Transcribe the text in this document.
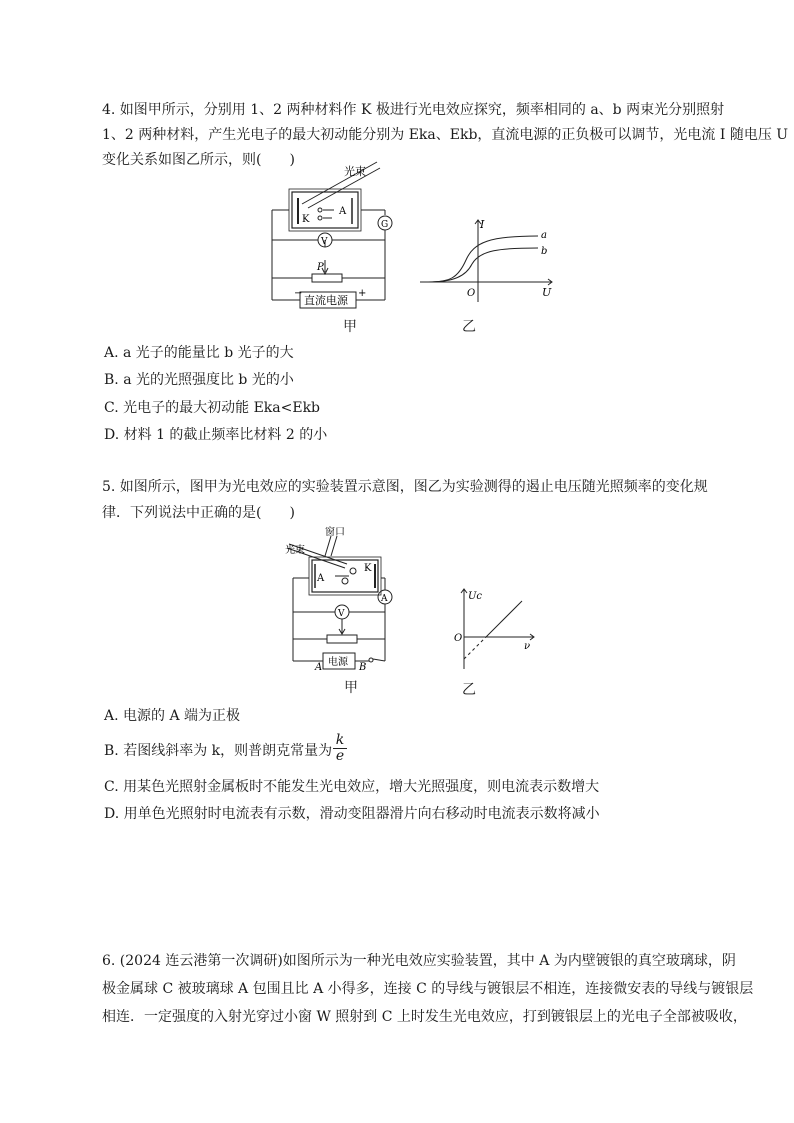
4. 如图甲所示，分别用 1、2 两种材料作 K 极进行光电效应探究，频率相同的 a、b 两束光分别照射
1、2 两种材料，产生光电子的最大初动能分别为 Eka、Ekb，直流电源的正负极可以调节，光电流 I 随电压 U
变化关系如图乙所示，则(　　)
光束
K
A
G
V
P
直流电源
−	+
甲
I
U
O
a
b
乙
A. a 光子的能量比 b 光子的大
B. a 光的光照强度比 b 光的小
C. 光电子的最大初动能 Eka<Ekb
D. 材料 1 的截止频率比材料 2 的小
5. 如图所示，图甲为光电效应的实验装置示意图，图乙为实验测得的遏止电压随光照频率的变化规
律．下列说法中正确的是(　　)
窗口
光束
K
A
A
V
电源
A	B
甲
Uc
O
ν
乙
A. 电源的 A 端为正极
B. 若图线斜率为 k，则普朗克常量为 $\frac{k}{e}$
C. 用某色光照射金属板时不能发生光电效应，增大光照强度，则电流表示数增大
D. 用单色光照射时电流表有示数，滑动变阻器滑片向右移动时电流表示数将减小
6. (2024 连云港第一次调研)如图所示为一种光电效应实验装置，其中 A 为内壁镀银的真空玻璃球，阴
极金属球 C 被玻璃球 A 包围且比 A 小得多，连接 C 的导线与镀银层不相连，连接微安表的导线与镀银层
相连．一定强度的入射光穿过小窗 W 照射到 C 上时发生光电效应，打到镀银层上的光电子全部被吸收，
